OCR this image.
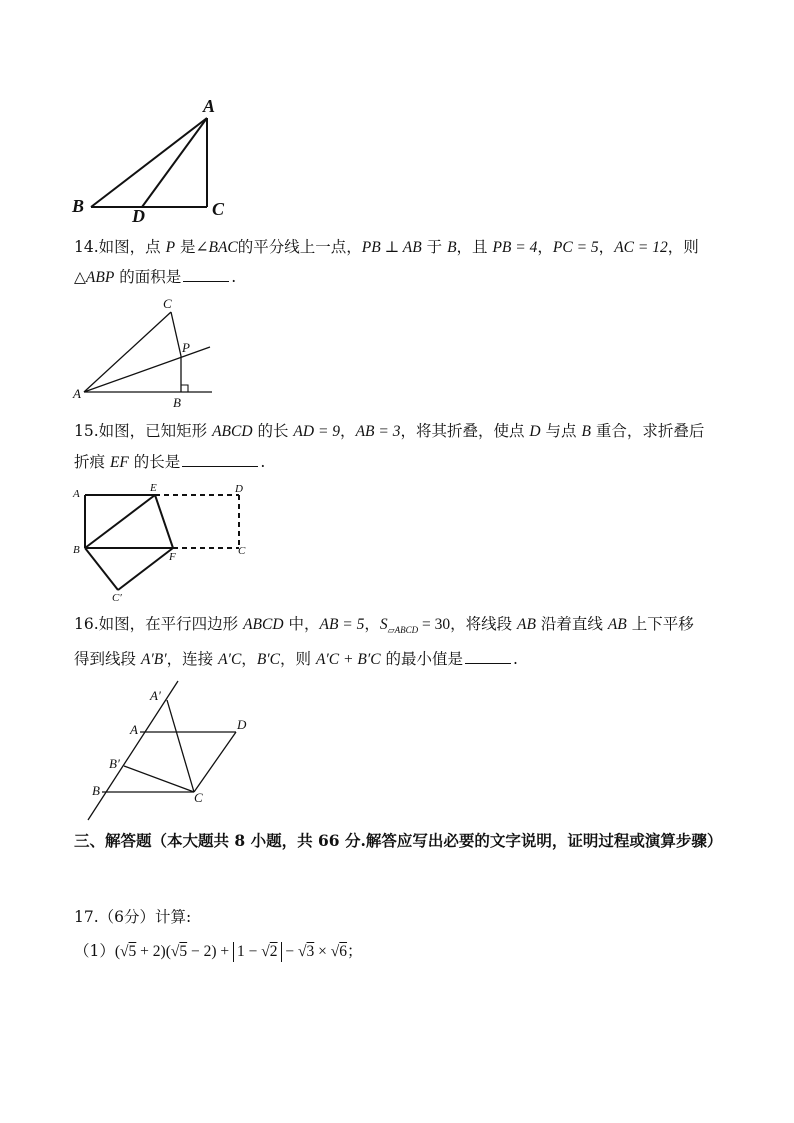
A
B	C
D
14.如图，点 P 是∠BAC的平分线上一点，PB ⊥ AB 于 B，且 PB = 4，PC = 5，AC = 12，则
△ABP 的面积是	.
C
P
A
B
15.如图，已知矩形 ABCD 的长 AD = 9，AB = 3，将其折叠，使点 D 与点 B 重合，求折叠后
折痕 EF 的长是	.
A	E	D
B
F	C
C′
16.如图，在平行四边形 ABCD 中，AB = 5，$S_{▱ABCD} = 30$，将线段 AB 沿着直线 AB 上下平移
得到线段 A′B′，连接 A′C，B′C，则 A′C + B′C 的最小值是	.
A′
A	D
B′
B	C
三、解答题（本大题共 8 小题，共 66 分.解答应写出必要的文字说明，证明过程或演算步骤）
17.（6分）计算:
（1）(√5 + 2)(√5 − 2) + 1 − √2 − √3 × √6；
